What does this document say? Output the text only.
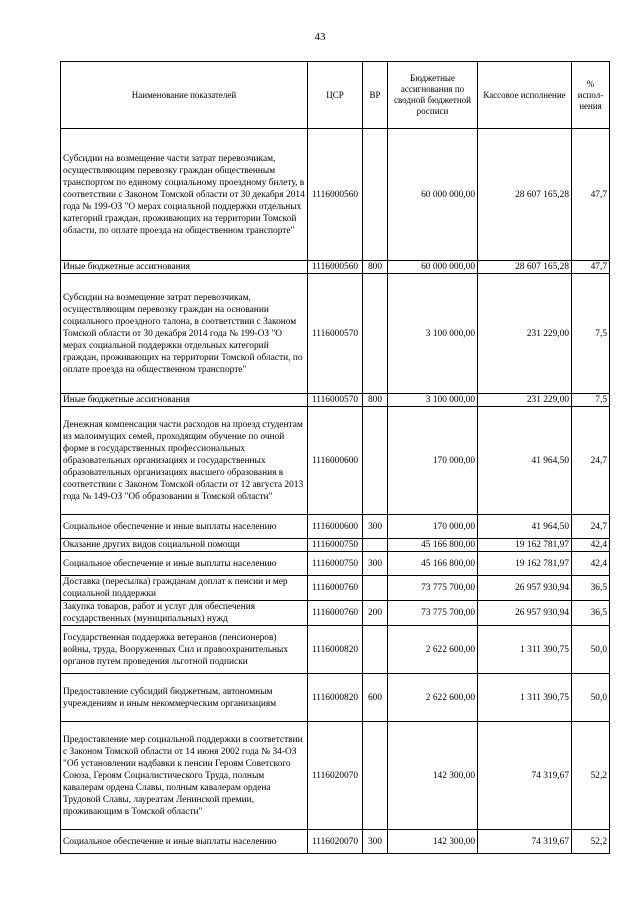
43
Наименование показателей	ЦСР	ВР	Бюджетные ассигнования по сводной бюджетной росписи	Кассовое исполнение	% испол-нения
Субсидии на возмещение части затрат перевозчикам, осуществляющим перевозку граждан общественным транспортом по единому социальному проездному билету, в соответствии с Законом Томской области от 30 декабря 2014 года № 199-ОЗ "О мерах социальной поддержки отдельных категорий граждан, проживающих на территории Томской области, по оплате проезда на общественном транспорте"	1116000560		60 000 000,00	28 607 165,28	47,7
Иные бюджетные ассигнования	1116000560	800	60 000 000,00	28 607 165,28	47,7
Субсидии на возмещение затрат перевозчикам, осуществляющим перевозку граждан на основании социального проездного талона, в соответствии с Законом Томской области от 30 декабря 2014 года № 199-ОЗ "О мерах социальной поддержки отдельных категорий граждан, проживающих на территории Томской области, по оплате проезда на общественном транспорте"	1116000570		3 100 000,00	231 229,00	7,5
Иные бюджетные ассигнования	1116000570	800	3 100 000,00	231 229,00	7,5
Денежная компенсация части расходов на проезд студентам из малоимущих семей, проходящим обучение по очной форме в государственных профессиональных образовательных организациях и государственных образовательных организациях высшего образования в соответствии с Законом Томской области от 12 августа 2013 года № 149-ОЗ "Об образовании в Томской области"	1116000600		170 000,00	41 964,50	24,7
Социальное обеспечение и иные выплаты населению	1116000600	300	170 000,00	41 964,50	24,7
Оказание других видов социальной помощи	1116000750		45 166 800,00	19 162 781,97	42,4
Социальное обеспечение и иные выплаты населению	1116000750	300	45 166 800,00	19 162 781,97	42,4
Доставка (пересылка) гражданам доплат к пенсии и мер социальной поддержки	1116000760		73 775 700,00	26 957 930,94	36,5
Закупка товаров, работ и услуг для обеспечения государственных (муниципальных) нужд	1116000760	200	73 775 700,00	26 957 930,94	36,5
Государственная поддержка ветеранов (пенсионеров) войны, труда, Вооруженных Сил и правоохранительных органов путем проведения льготной подписки	1116000820		2 622 600,00	1 311 390,75	50,0
Предоставление субсидий бюджетным, автономным учреждениям и иным некоммерческим организациям	1116000820	600	2 622 600,00	1 311 390,75	50,0
Предоставление мер социальной поддержки в соответствии с Законом Томской области от 14 июня 2002 года № 34-ОЗ "Об установлении надбавки к пенсии Героям Советского Союза, Героям Социалистического Труда, полным кавалерам ордена Славы, полным кавалерам ордена Трудовой Славы, лауреатам Ленинской премии, проживающим в Томской области"	1116020070		142 300,00	74 319,67	52,2
Социальное обеспечение и иные выплаты населению	1116020070	300	142 300,00	74 319,67	52,2
